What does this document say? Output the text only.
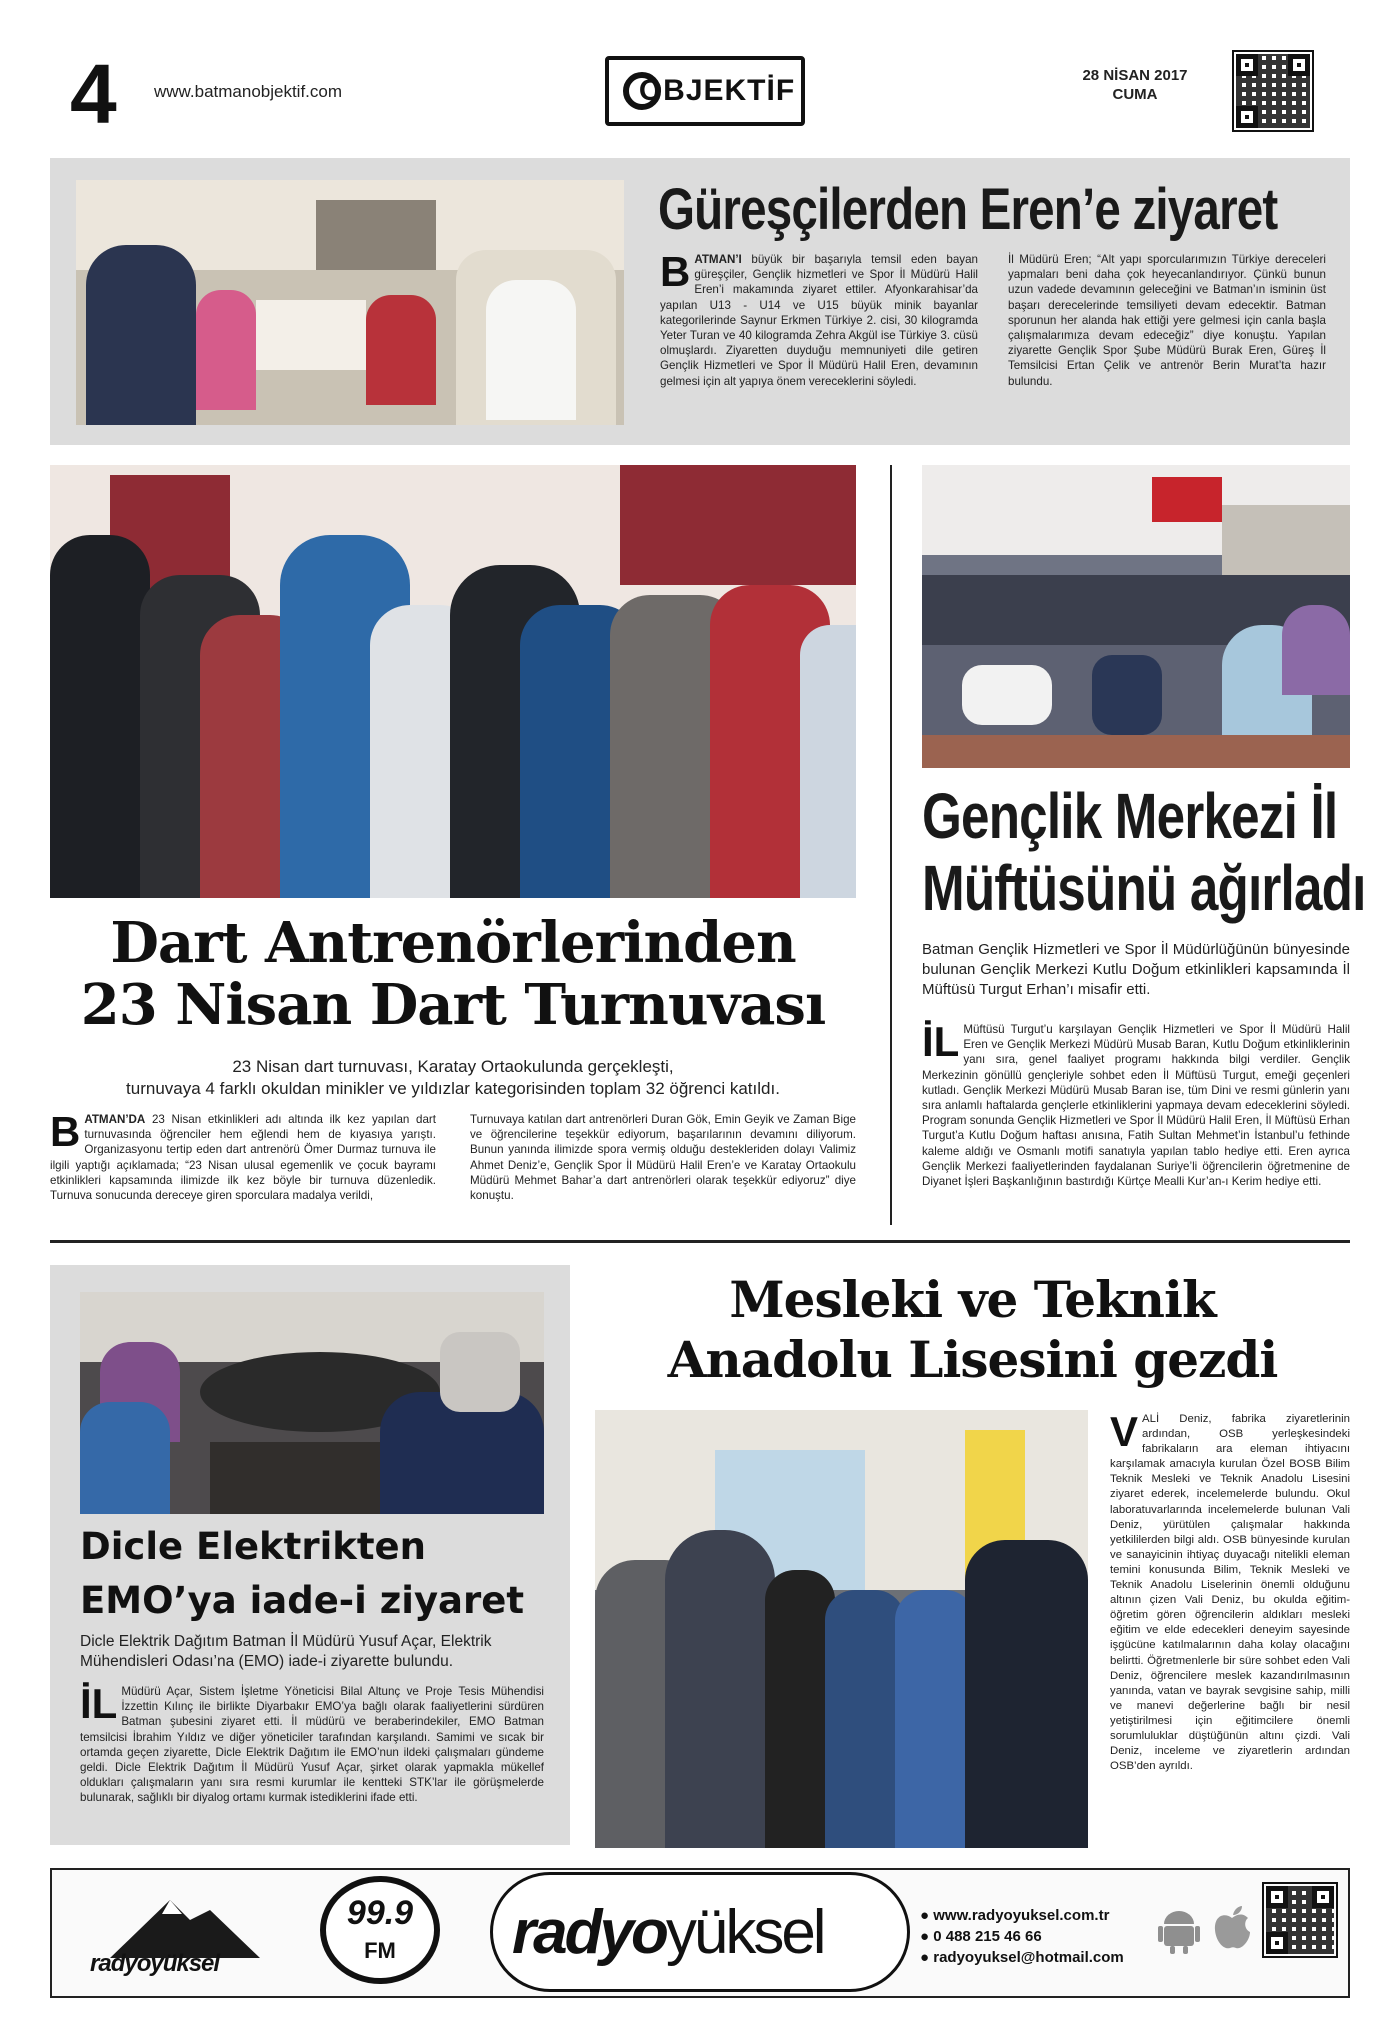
4 www.batmanobjektif.com	OBJEKTİF	28 NİSAN 2017
CUMA
Güreşçilerden Eren’e ziyaret
BATMAN’I büyük bir başarıyla temsil eden bayan güreşçiler, Gençlik hizmetleri ve Spor İl Müdürü Halil Eren’i makamında ziyaret ettiler. Afyonkarahisar’da yapılan U13 - U14 ve U15 büyük minik bayanlar kategorilerinde Saynur Erkmen Türkiye 2. cisi, 30 kilogramda Yeter Turan ve 40 kilogramda Zehra Akgül ise Türkiye 3. cüsü olmuşlardı. Ziyaretten duyduğu memnuniyeti dile getiren Gençlik Hizmetleri ve Spor İl Müdürü Halil Eren, devamının gelmesi için alt yapıya önem vereceklerini söyledi.
İl Müdürü Eren; “Alt yapı sporcularımızın Türkiye dereceleri yapmaları beni daha çok heyecanlandırıyor. Çünkü bunun uzun vadede devamının geleceğini ve Batman’ın isminin üst başarı derecelerinde temsiliyeti devam edecektir. Batman sporunun her alanda hak ettiği yere gelmesi için canla başla çalışmalarımıza devam edeceğiz” diye konuştu. Yapılan ziyarette Gençlik Spor Şube Müdürü Burak Eren, Güreş İl Temsilcisi Ertan Çelik ve antrenör Berin Murat’ta hazır bulundu.
Dart Antrenörlerinden
23 Nisan Dart Turnuvası
23 Nisan dart turnuvası, Karatay Ortaokulunda gerçekleşti,
turnuvaya 4 farklı okuldan minikler ve yıldızlar kategorisinden toplam 32 öğrenci katıldı.
BATMAN’DA 23 Nisan etkinlikleri adı altında ilk kez yapılan dart turnuvasında öğrenciler hem eğlendi hem de kıyasıya yarıştı. Organizasyonu tertip eden dart antrenörü Ömer Durmaz turnuva ile ilgili yaptığı açıklamada; “23 Nisan ulusal egemenlik ve çocuk bayramı etkinlikleri kapsamında ilimizde ilk kez böyle bir turnuva düzenledik. Turnuva sonucunda dereceye giren sporculara madalya verildi,
Turnuvaya katılan dart antrenörleri Duran Gök, Emin Geyik ve Zaman Bige ve öğrencilerine teşekkür ediyorum, başarılarının devamını diliyorum. Bunun yanında ilimizde spora vermiş olduğu destekleriden dolayı Valimiz Ahmet Deniz’e, Gençlik Spor İl Müdürü Halil Eren’e ve Karatay Ortaokulu Müdürü Mehmet Bahar’a dart antrenörleri olarak teşekkür ediyoruz” diye konuştu.
Gençlik Merkezi İl
Müftüsünü ağırladı
Batman Gençlik Hizmetleri ve Spor İl Müdürlüğünün bünyesinde bulunan Gençlik Merkezi Kutlu Doğum etkinlikleri kapsamında İl Müftüsü Turgut Erhan’ı misafir etti.
İL Müftüsü Turgut’u karşılayan Gençlik Hizmetleri ve Spor İl Müdürü Halil Eren ve Gençlik Merkezi Müdürü Musab Baran, Kutlu Doğum etkinliklerinin yanı sıra, genel faaliyet programı hakkında bilgi verdiler. Gençlik Merkezinin gönüllü gençleriyle sohbet eden İl Müftüsü Turgut, emeği geçenleri kutladı. Gençlik Merkezi Müdürü Musab Baran ise, tüm Dini ve resmi günlerin yanı sıra anlamlı haftalarda gençlerle etkinliklerini yapmaya devam edeceklerini söyledi. Program sonunda Gençlik Hizmetleri ve Spor İl Müdürü Halil Eren, İl Müftüsü Erhan Turgut’a Kutlu Doğum haftası anısına, Fatih Sultan Mehmet’in İstanbul’u fethinde kaleme aldığı ve Osmanlı motifi sanatıyla yapılan tablo hediye etti. Eren ayrıca Gençlik Merkezi faaliyetlerinden faydalanan Suriye’li öğrencilerin öğretmenine de Diyanet İşleri Başkanlığının bastırdığı Kürtçe Mealli Kur’an-ı Kerim hediye etti.
Dicle Elektrikten
EMO’ya iade-i ziyaret
Dicle Elektrik Dağıtım Batman İl Müdürü Yusuf Açar, Elektrik Mühendisleri Odası’na (EMO) iade-i ziyarette bulundu.
İL Müdürü Açar, Sistem İşletme Yöneticisi Bilal Altunç ve Proje Tesis Mühendisi İzzettin Kılınç ile birlikte Diyarbakır EMO’ya bağlı olarak faaliyetlerini sürdüren Batman şubesini ziyaret etti. İl müdürü ve beraberindekiler, EMO Batman temsilcisi İbrahim Yıldız ve diğer yöneticiler tarafından karşılandı. Samimi ve sıcak bir ortamda geçen ziyarette, Dicle Elektrik Dağıtım ile EMO’nun ildeki çalışmaları gündeme geldi. Dicle Elektrik Dağıtım İl Müdürü Yusuf Açar, şirket olarak yapmakla mükellef oldukları çalışmaların yanı sıra resmi kurumlar ile kentteki STK’lar ile görüşmelerde bulunarak, sağlıklı bir diyalog ortamı kurmak istediklerini ifade etti.
Mesleki ve Teknik
Anadolu Lisesini gezdi
VALİ Deniz, fabrika ziyaretlerinin ardından, OSB yerleşkesindeki fabrikaların ara eleman ihtiyacını karşılamak amacıyla kurulan Özel BOSB Bilim Teknik Mesleki ve Teknik Anadolu Lisesini ziyaret ederek, incelemelerde bulundu. Okul laboratuvarlarında incelemelerde bulunan Vali Deniz, yürütülen çalışmalar hakkında yetkililerden bilgi aldı. OSB bünyesinde kurulan ve sanayicinin ihtiyaç duyacağı nitelikli eleman temini konusunda Bilim, Teknik Mesleki ve Teknik Anadolu Liselerinin önemli olduğunu altının çizen Vali Deniz, bu okulda eğitim-öğretim gören öğrencilerin aldıkları mesleki eğitim ve elde edecekleri deneyim sayesinde işgücüne katılmalarının daha kolay olacağını belirtti. Öğretmenlerle bir süre sohbet eden Vali Deniz, öğrencilere meslek kazandırılmasının yanında, vatan ve bayrak sevgisine sahip, milli ve manevi değerlerine bağlı bir nesil yetiştirilmesi için eğitimcilere önemli sorumluluklar düştüğünün altını çizdi. Vali Deniz, inceleme ve ziyaretlerin ardından OSB’den ayrıldı.
radyoyüksel
99.9
FM	radyoyüksel	● www.radyoyuksel.com.tr
● 0 488 215 46 66
● radyoyuksel@hotmail.com
